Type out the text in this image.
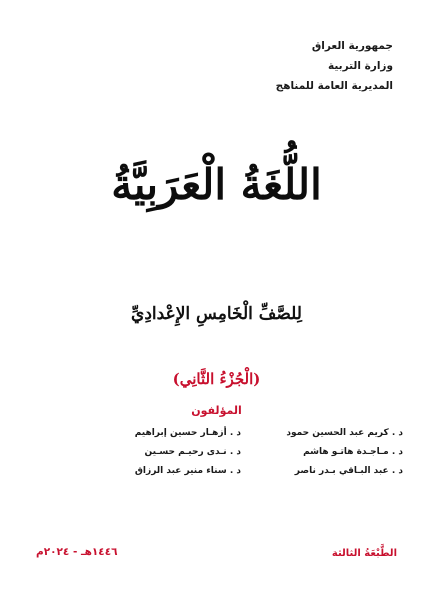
جمهورية العراق
وزارة التربية
المديرية العامة للمناهج
اللُّغَةُ الْعَرَبِيَّةُ
لِلصَّفِّ الْخَامِسِ الإِعْدادِيِّ
(الْجُزْءُ الثَّانِي)
المؤلفون
د . كريم عبد الحسين حمود
د . أزهـار حسين إبراهيم
د . مـاجـدة هاتـو هاشم
د . نـدى رحيـم حسـين
د . عبد البـاقي بـدر ناصر
د . سناء منير عبد الرزاق
الطَّبْعَةُ الثالثة
١٤٤٦هـ - ٢٠٢٤م
